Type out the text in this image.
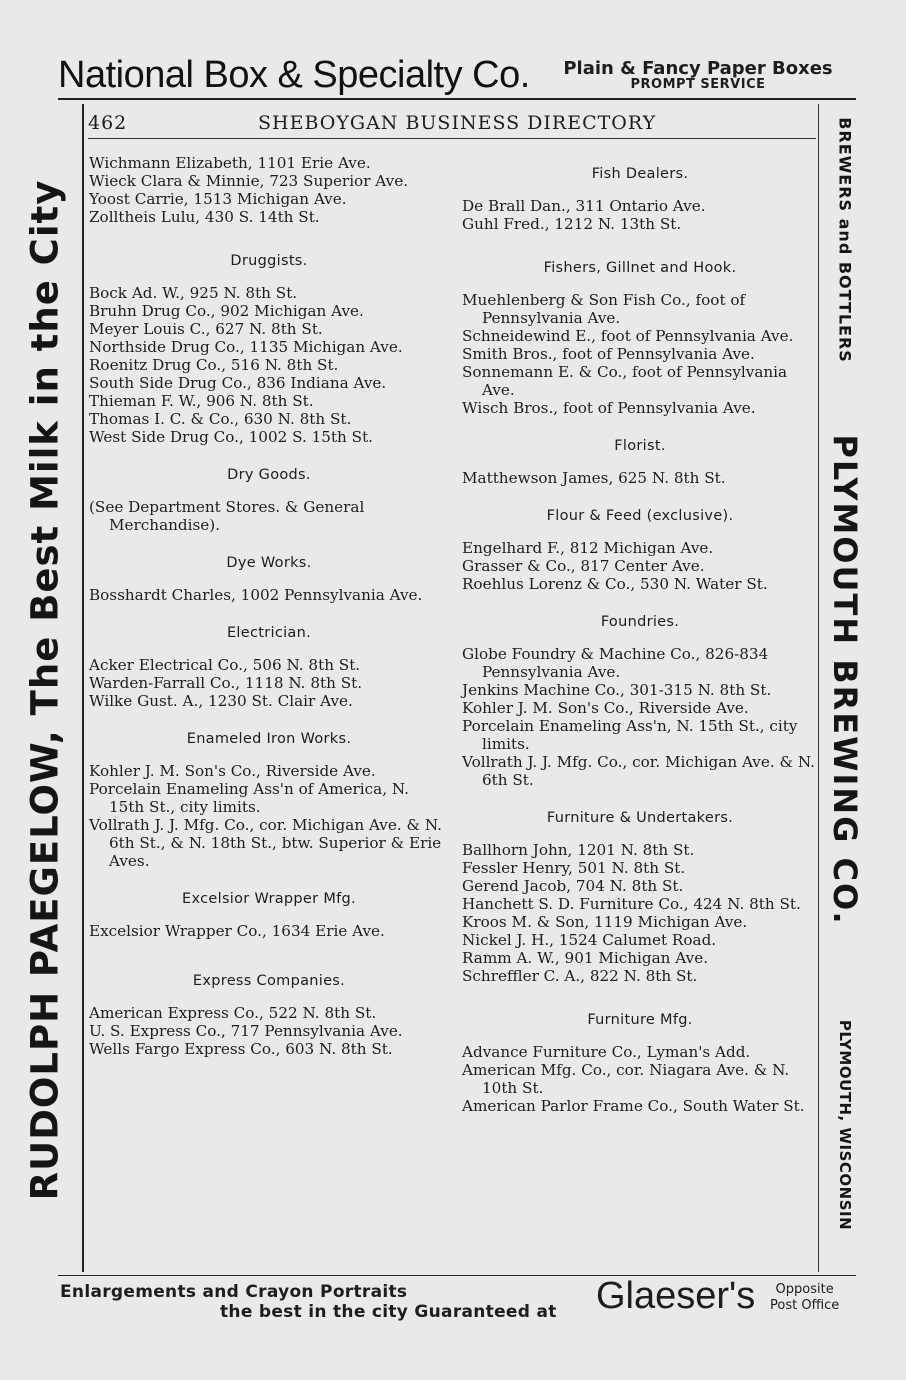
National Box & Specialty Co.	Plain & Fancy Paper Boxes
PROMPT SERVICE
462	SHEBOYGAN BUSINESS DIRECTORY
RUDOLPH PAEGELOW, The Best Milk in the City	BREWERS and BOTTLERS
PLYMOUTH BREWING CO.
PLYMOUTH, WISCONSIN

Wichmann Elizabeth, 1101 Erie Ave.

Wieck Clara & Minnie, 723 Superior Ave.

Yoost Carrie, 1513 Michigan Ave.

Zolltheis Lulu, 430 S. 14th St.

Druggists.

Bock Ad. W., 925 N. 8th St.

Bruhn Drug Co., 902 Michigan Ave.

Meyer Louis C., 627 N. 8th St.

Northside Drug Co., 1135 Michigan Ave.

Roenitz Drug Co., 516 N. 8th St.

South Side Drug Co., 836 Indiana Ave.

Thieman F. W., 906 N. 8th St.

Thomas I. C. & Co., 630 N. 8th St.

West Side Drug Co., 1002 S. 15th St.

Dry Goods.

(See Department Stores. & General Merchandise).

Dye Works.

Bosshardt Charles, 1002 Pennsylvania Ave.

Electrician.

Acker Electrical Co., 506 N. 8th St.

Warden-Farrall Co., 1118 N. 8th St.

Wilke Gust. A., 1230 St. Clair Ave.

Enameled Iron Works.

Kohler J. M. Son's Co., Riverside Ave.

Porcelain Enameling Ass'n of America, N. 15th St., city limits.

Vollrath J. J. Mfg. Co., cor. Michigan Ave. & N. 6th St., & N. 18th St., btw. Superior & Erie Aves.

Excelsior Wrapper Mfg.

Excelsior Wrapper Co., 1634 Erie Ave.

Express Companies.

American Express Co., 522 N. 8th St.

U. S. Express Co., 717 Pennsylvania Ave.

Wells Fargo Express Co., 603 N. 8th St.

Fish Dealers.

De Brall Dan., 311 Ontario Ave.

Guhl Fred., 1212 N. 13th St.

Fishers, Gillnet and Hook.

Muehlenberg & Son Fish Co., foot of Pennsylvania Ave.

Schneidewind E., foot of Pennsylvania Ave.

Smith Bros., foot of Pennsylvania Ave.

Sonnemann E. & Co., foot of Pennsylvania Ave.

Wisch Bros., foot of Pennsylvania Ave.

Florist.

Matthewson James, 625 N. 8th St.

Flour & Feed (exclusive).

Engelhard F., 812 Michigan Ave.

Grasser & Co., 817 Center Ave.

Roehlus Lorenz & Co., 530 N. Water St.

Foundries.

Globe Foundry & Machine Co., 826-834 Pennsylvania Ave.

Jenkins Machine Co., 301-315 N. 8th St.

Kohler J. M. Son's Co., Riverside Ave.

Porcelain Enameling Ass'n, N. 15th St., city limits.

Vollrath J. J. Mfg. Co., cor. Michigan Ave. & N. 6th St.

Furniture & Undertakers.

Ballhorn John, 1201 N. 8th St.

Fessler Henry, 501 N. 8th St.

Gerend Jacob, 704 N. 8th St.

Hanchett S. D. Furniture Co., 424 N. 8th St.

Kroos M. & Son, 1119 Michigan Ave.

Nickel J. H., 1524 Calumet Road.

Ramm A. W., 901 Michigan Ave.

Schreffler C. A., 822 N. 8th St.

Furniture Mfg.

Advance Furniture Co., Lyman's Add.

American Mfg. Co., cor. Niagara Ave. & N. 10th St.

American Parlor Frame Co., South Water St.

Enlargements and Crayon Portraits
the best in the city Guaranteed at Glaeser's	Opposite
Post Office
